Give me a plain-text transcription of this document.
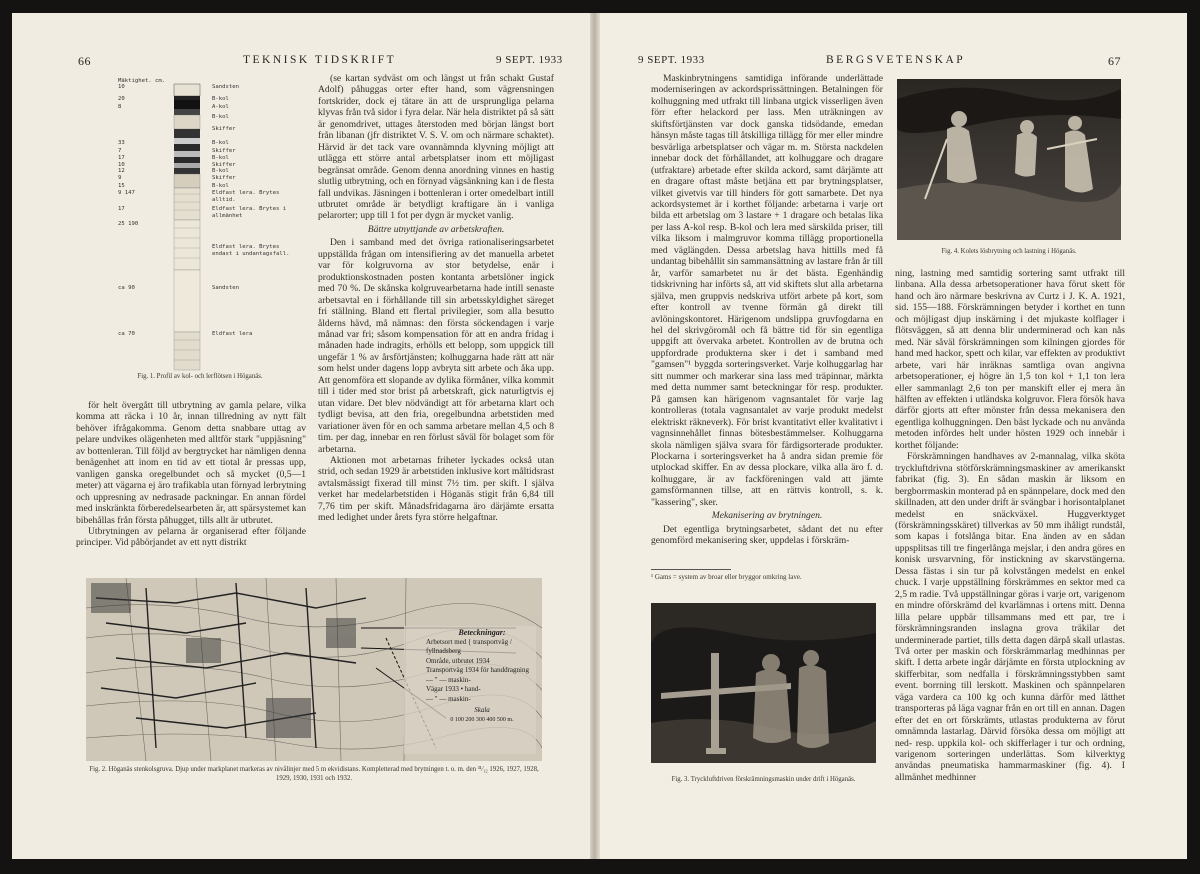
66	TEKNISK TIDSKRIFT	9 SEPT. 1933
Mäktighet. cm.
10	Sandsten
20	B-kol
8	A-kol
B-kol
Skiffer
33	B-kol
7	Skiffer
17	B-kol
10	Skiffer
12	B-kol
9	Skiffer
15	B-kol
9 147	Eldfast lera. Brytes alltid.
17	Eldfast lera. Brytes i allmänhet
25 190
Eldfast lera. Brytes endast i undantagsfall.
ca 90	Sandsten
ca 70	Eldfast lera
Fig. 1. Profil av kol- och lerflötsen i Höganäs.

för helt övergått till utbrytning av gamla pelare, vilka komma att räcka i 10 år, innan tillredning av nytt fält behöver ifrågakomma. Genom detta snabbare uttag av pelare undvikes olägenheten med alltför stark "uppjäsning" av bottenleran. Till följd av bergtrycket har nämligen denna benägenhet att inom en tid av ett tiotal år pressas upp, vanligen ganska oregelbundet och så mycket (0,5—1 meter) att vägarna ej äro trafikabla utan förnyad lerbrytning och uppresning av nedrasade packningar. En annan fördel med inskränkta förberedelsearbeten är, att spärsystemet kan bibehållas från första påhugget, tills allt är utbrutet.

Utbrytningen av pelarna är organiserad efter följande principer. Vid påbörjandet av ett nytt distrikt

(se kartan sydväst om och längst ut från schakt Gustaf Adolf) påhuggas orter efter hand, som vägrensningen fortskrider, dock ej tätare än att de ursprungliga pelarna klyvas från två sidor i fyra delar. När hela distriktet på så sätt är genomdrivet, uttages återstoden med början längst bort från libanan (jfr distriktet V. S. V. om och närmare schaktet). Härvid är det tack vare ovannämnda klyvning möjligt att utlägga ett större antal arbetsplatser inom ett möjligast begränsat område. Genom denna anordning vinnes en hastig slutlig utbrytning, och en förnyad vägsänkning kan i de flesta fall undvikas. Jäsningen i bottenleran i orter omedelbart intill utbrutet område är betydligt kraftigare än i vanliga pelarorter; upp till 1 fot per dygn är mycket vanlig.

Bättre utnyttjande av arbetskraften.

Den i samband med det övriga rationaliseringsarbetet uppställda frågan om intensifiering av det manuella arbetet var för kolgruvorna av stor betydelse, enär i produktionskostnaden posten kontanta arbetslöner ingick med 70 %. De skånska kolgruvearbetarna hade intill senaste arbetsavtal en i förhållande till sin arbetsskyldighet säreget fri ställning. Bland ett flertal privilegier, som alla besutto ålderns hävd, må nämnas: den första söckendagen i varje månad var fri; såsom kompensation för att en andra fridag i månaden hade indragits, erhölls ett belopp, som uppgick till ungefär 1 % av årsförtjänsten; kolhuggarna hade rätt att när som helst under dagens lopp avbryta sitt arbete och åka upp. Att genomföra ett slopande av dylika förmåner, vilka kommit till i tider med stor brist på arbetskraft, gick naturligtvis ej utan vidare. Det blev nödvändigt att för arbetarna klart och tydligt bevisa, att den fria, oregelbundna arbetstiden med variationer även för en och samma arbetare mellan 4,5 och 8 tim. per dag, innebar en ren förlust såväl för bolaget som för arbetarna.

Aktionen mot arbetarnas friheter lyckades också utan strid, och sedan 1929 är arbetstiden inklusive kort måltidsrast avtalsmässigt fixerad till minst 7½ tim. per skift. I själva verket har medelarbetstiden i Höganäs stigit från 6,84 till 7,76 tim per skift. Månadsfridagarna äro därjämte ersatta med ledighet under årets fyra större helgaftnar.

Beteckningar:
Arbetsort med { transportväg / fyllnadsberg
Område, utbrutet 1934
Transportväg 1934 för handdragning
— " — maskin-
Vägar 1933 • hand-
— " — maskin-
Skala
0 100 200 300 400 500 m.
Fig. 2. Höganäs stenkolsgruva. Djup under markplanet markeras av nivålinjer med 5 m ekvidistans. Kompletterad med brytningen t. o. m. den ³¹⁄₁₂ 1926, 1927, 1928, 1929, 1930, 1931 och 1932.
9 SEPT. 1933	BERGSVETENSKAP	67

Maskinbrytningens samtidiga införande underlättade moderniseringen av ackordsprissättningen. Betalningen för kolhuggning med utfrakt till linbana utgick visserligen även förr efter helackord per lass. Men uträkningen av skiftsförtjänsten var dock ganska tidsödande, emedan hänsyn måste tagas till åtskilliga tillägg för mer eller mindre besvärliga arbetsplatser och vägar m. m. Största nackdelen innebar dock det förhållandet, att kolhuggare och dragare (utfraktare) arbetade efter skilda ackord, samt därjämte att en dragare oftast måste betjäna ett par brytningsplatser, vilket givetvis var till hinders för gott samarbete. Det nya ackordsystemet är i korthet följande: arbetarna i varje ort bilda ett arbetslag om 3 lastare + 1 dragare och betalas lika per lass A-kol resp. B-kol och lera med särskilda priser, till vilka liksom i malmgruvor komma tillägg proportionella med väglängden. Dessa arbetslag hava hittills med få undantag bibehållit sin sammansättning av lastare från år till år, varför samarbetet nu är det bästa. Egenhändig tidskrivning har införts så, att vid skiftets slut alla arbetarna själva, men gruppvis nedskriva utfört arbete på kort, som efter kontroll av tvenne förmän gå direkt till avlöningskontoret. Härigenom undslippa gruvfogdarna en hel del skrivgöromål och få bättre tid för sin egentliga uppgift att övervaka arbetet. Kontrollen av de brutna och uppfordrade produkterna sker i det i samband med "gamsen"¹ byggda sorteringsverket. Varje kolhuggarlag har sitt nummer och markerar sina lass med träpinnar, märkta med detta nummer samt beteckningar för resp. produkter. På gamsen kan härigenom vagnsantalet för varje lag kontrolleras (totala vagnsantalet av varje produkt medelst elektriskt räkneverk). För brist kvantitativt eller kvalitativt i vagnsinnehållet finnas bötesbestämmelser. Kolhuggarna skola nämligen själva svara för färdigsorterade produkter. Plockarna i sorteringsverket ha å andra sidan premie för utplockad skiffer. En av dessa plockare, vilka alla äro f. d. kolhuggare, är av fackföreningen vald att jämte gamsförmannen tillse, att en rättvis kontroll, s. k. "kassering", sker.

Mekanisering av brytningen.

Det egentliga brytningsarbetet, sådant det nu efter genomförd mekanisering sker, uppdelas i förskräm-

¹ Gams = system av broar eller bryggor omkring lave.
Fig. 4. Kolets lösbrytning och lastning i Höganäs.

ning, lastning med samtidig sortering samt utfrakt till linbana. Alla dessa arbetsoperationer hava förut skett för hand och äro närmare beskrivna av Curtz i J. K. A. 1921, sid. 155—188. Förskrämningen betyder i korthet en tunn och möjligast djup inskärning i det mjukaste kolflager i flötsväggen, så att denna blir underminerad och kan nås med. När såväl förskrämningen som kilningen gjordes för hand med hackor, spett och kilar, var effekten av produktivt arbete, vari här inräknas samtliga ovan angivna arbetsoperationer, ej högre än 1,5 ton kol + 1,1 ton lera eller sammanlagt 2,6 ton per manskift eller ej mera än hälften av effekten i utländska kolgruvor. Flera försök hava därför gjorts att efter mönster från dessa mekanisera den egentliga kolhuggningen. Den bäst lyckade och nu använda metoden infördes helt under hösten 1929 och innebär i korthet följande:

Förskrämningen handhaves av 2-mannalag, vilka sköta tryckluftdrivna stötförskrämningsmaskiner av amerikanskt fabrikat (fig. 3). En sådan maskin är liksom en bergborrmaskin monterad på en spännpelare, dock med den skillnaden, att den under drift är svängbar i horisontalplanet medelst en snäckväxel. Huggverktyget (förskrämningsskäret) tillverkas av 50 mm ihåligt rundstål, som kapas i fotslånga bitar. Ena änden av en sådan uppsplitsas till tre fingerlånga mejslar, i den andra göres en konisk ursvarvning, för instickning av skarvstängerna. Dessa fästas i sin tur på kolvstången medelst en enkel chuck. I varje uppställning förskrämmes en sektor med ca 2,5 m radie. Två uppställningar göras i varje ort, varigenom en mindre oförskrämd del kvarlämnas i ortens mitt. Denna lilla pelare uppbär tillsammans med ett par, tre i förskrämningsranden inslagna grova träkilar det underminerade partiet, tills detta dagen därpå skall utlastas. Två orter per maskin och förskrämmarlag medhinnas per skift. I detta arbete ingår därjämte en första utplockning av skifferbitar, som nedfalla i förskrämningsstybben samt event. borrning till lerskott. Maskinen och spännpelaren väga vardera ca 100 kg och kunna därför med lätthet transporteras på läga vagnar från en ort till en annan. Dagen efter det en ort förskrämts, utlastas produkterna av förut omnämnda lastarlag. Därvid försöka dessa om möjligt att ned- resp. uppkila kol- och skifferlager i tur och ordning, varigenom sorteringen underlättas. Som kilverktyg användas pneumatiska hammarmaskiner (fig. 4). I allmänhet medhinner

Fig. 3. Tryckluftdriven förskrämningsmaskin under drift i Höganäs.
